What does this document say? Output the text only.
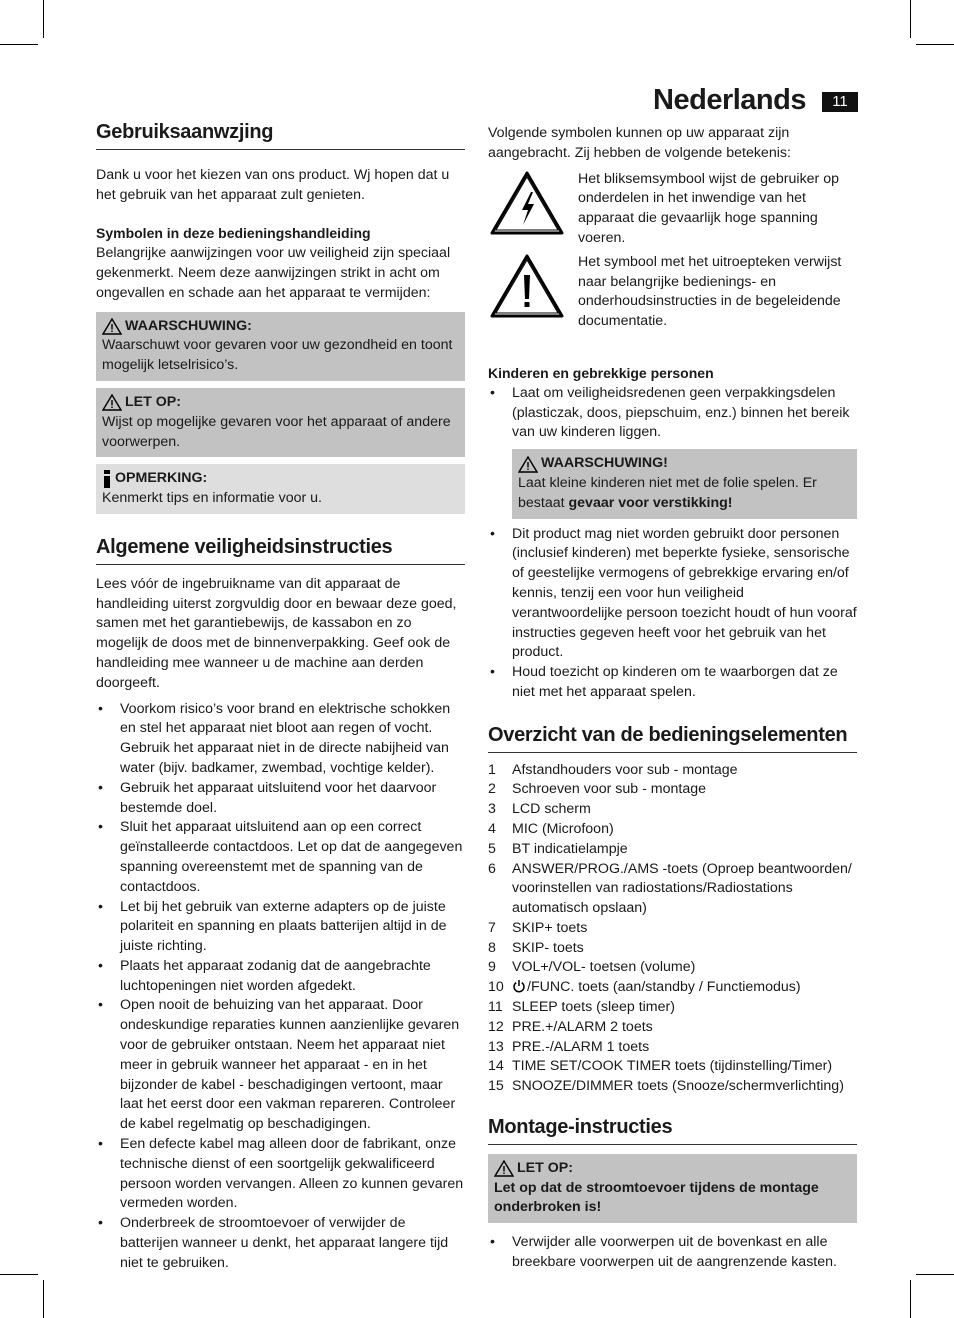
Nederlands	11
Gebruiksaanwzjing

Dank u voor het kiezen van ons product. Wj hopen dat u het gebruik van het apparaat zult genieten.

Symbolen in deze bedieningshandleiding

Belangrijke aanwijzingen voor uw veiligheid zijn speciaal gekenmerkt. Neem deze aanwijzingen strikt in acht om ongevallen en schade aan het apparaat te vermijden:

WAARSCHUWING:

Waarschuwt voor gevaren voor uw gezondheid en toont mogelijk letselrisico’s.

LET OP:

Wijst op mogelijke gevaren voor het apparaat of andere voorwerpen.

OPMERKING:

Kenmerkt tips en informatie voor u.

Algemene veiligheidsinstructies

Lees vóór de ingebruikname van dit apparaat de handleiding uiterst zorgvuldig door en bewaar deze goed, samen met het garantiebewijs, de kassabon en zo mogelijk de doos met de binnenverpakking. Geef ook de handleiding mee wanneer u de machine aan derden doorgeeft.

• Voorkom risico’s voor brand en elektrische schokken en stel het apparaat niet bloot aan regen of vocht. Gebruik het apparaat niet in de directe nabijheid van water (bijv. badkamer, zwembad, vochtige kelder).
• Gebruik het apparaat uitsluitend voor het daarvoor bestemde doel.
• Sluit het apparaat uitsluitend aan op een correct geïnstalleerde contactdoos. Let op dat de aangegeven spanning overeenstemt met de spanning van de contactdoos.
• Let bij het gebruik van externe adapters op de juiste polariteit en spanning en plaats batterijen altijd in de juiste richting.
• Plaats het apparaat zodanig dat de aangebrachte luchtopeningen niet worden afgedekt.
• Open nooit de behuizing van het apparaat. Door ondeskundige reparaties kunnen aanzienlijke gevaren voor de gebruiker ontstaan. Neem het apparaat niet meer in gebruik wanneer het apparaat - en in het bijzonder de kabel - beschadigingen vertoont, maar laat het eerst door een vakman repareren. Controleer de kabel regelmatig op beschadigingen.
• Een defecte kabel mag alleen door de fabrikant, onze technische dienst of een soortgelijk gekwalificeerd persoon worden vervangen. Alleen zo kunnen gevaren vermeden worden.
• Onderbreek de stroomtoevoer of verwijder de batterijen wanneer u denkt, het apparaat langere tijd niet te gebruiken.

Volgende symbolen kunnen op uw apparaat zijn aangebracht. Zij hebben de volgende betekenis:

Het bliksemsymbool wijst de gebruiker op onderdelen in het inwendige van het apparaat die gevaarlijk hoge spanning voeren.

Het symbool met het uitroepteken verwijst naar belangrijke bedienings- en onderhoudsinstructies in de begeleidende documentatie.

Kinderen en gebrekkige personen

• Laat om veiligheidsredenen geen verpakkingsdelen (plasticzak, doos, piepschuim, enz.) binnen het bereik van uw kinderen liggen.
WAARSCHUWING!

Laat kleine kinderen niet met de folie spelen. Er bestaat gevaar voor verstikking!

• Dit product mag niet worden gebruikt door personen (inclusief kinderen) met beperkte fysieke, sensorische of geestelijke vermogens of gebrekkige ervaring en/of kennis, tenzij een voor hun veiligheid verantwoordelijke persoon toezicht houdt of hun vooraf instructies gegeven heeft voor het gebruik van het product.
• Houd toezicht op kinderen om te waarborgen dat ze niet met het apparaat spelen.
Overzicht van de bedieningselementen
1 Afstandhouders voor sub - montage
2 Schroeven voor sub - montage
3 LCD scherm
4 MIC (Microfoon)
5 BT indicatielampje
6 ANSWER/PROG./AMS -toets (Oproep beantwoorden/ voorinstellen van radiostations/Radiostations automatisch opslaan)
7 SKIP+ toets
8 SKIP- toets
9 VOL+/VOL- toetsen (volume)
10 /FUNC. toets (aan/standby / Functiemodus)
11 SLEEP toets (sleep timer)
12 PRE.+/ALARM 2 toets
13 PRE.-/ALARM 1 toets
14 TIME SET/COOK TIMER toets (tijdinstelling/Timer)
15 SNOOZE/DIMMER toets (Snooze/schermverlichting)
Montage-instructies
LET OP:

Let op dat de stroomtoevoer tijdens de montage onderbroken is!

• Verwijder alle voorwerpen uit de bovenkast en alle breekbare voorwerpen uit de aangrenzende kasten.
